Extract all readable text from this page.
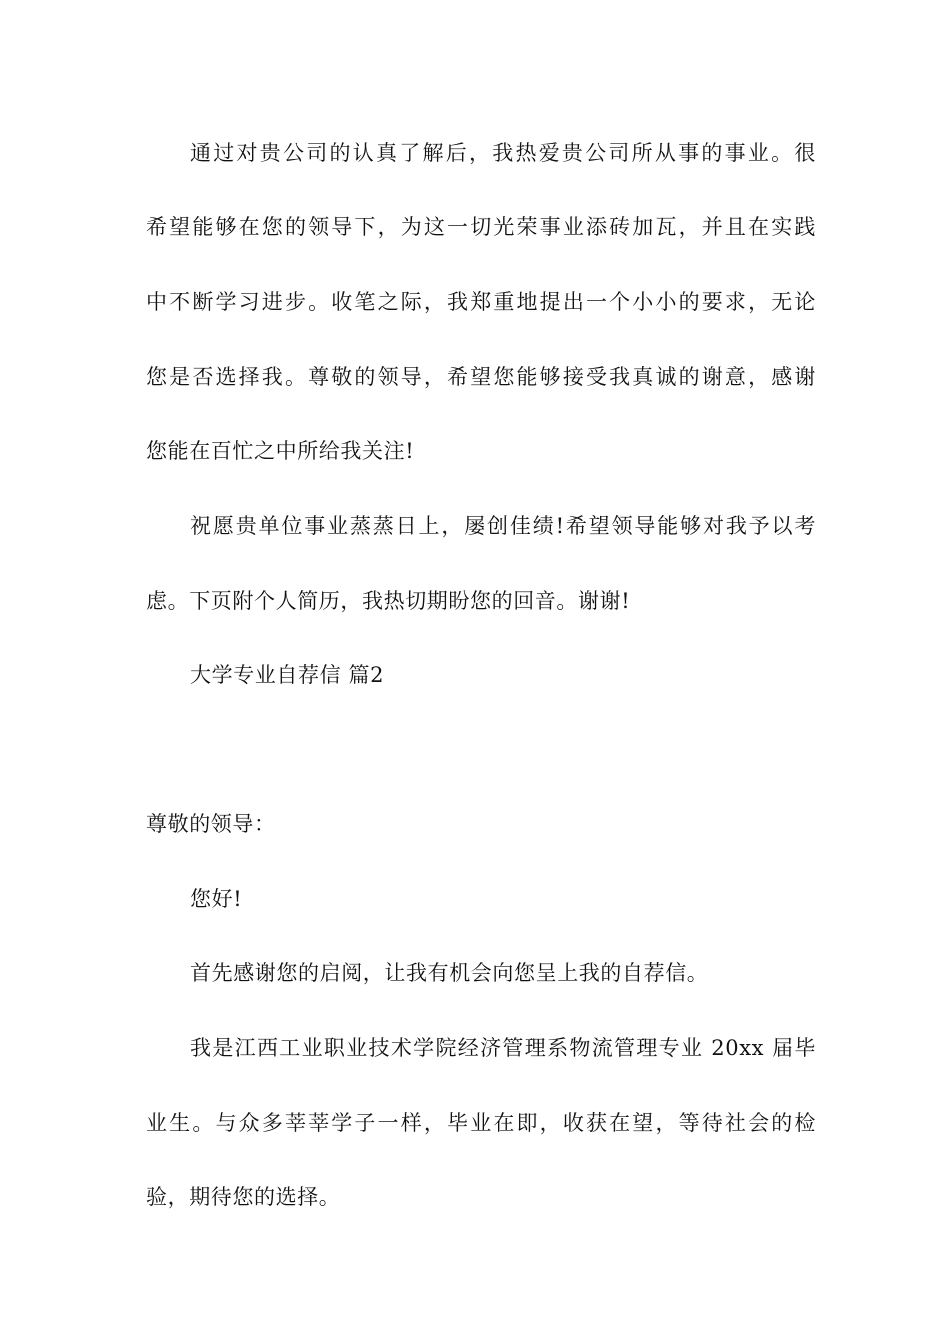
通过对贵公司的认真了解后，我热爱贵公司所从事的事业。很
希望能够在您的领导下，为这一切光荣事业添砖加瓦，并且在实践
中不断学习进步。收笔之际，我郑重地提出一个小小的要求，无论
您是否选择我。尊敬的领导，希望您能够接受我真诚的谢意，感谢
您能在百忙之中所给我关注!
祝愿贵单位事业蒸蒸日上，屡创佳绩!希望领导能够对我予以考
虑。下页附个人简历，我热切期盼您的回音。谢谢!
大学专业自荐信 篇2
尊敬的领导：
您好!
首先感谢您的启阅，让我有机会向您呈上我的自荐信。
我是江西工业职业技术学院经济管理系物流管理专业 20xx 届毕
业生。与众多莘莘学子一样，毕业在即，收获在望，等待社会的检
验，期待您的选择。
